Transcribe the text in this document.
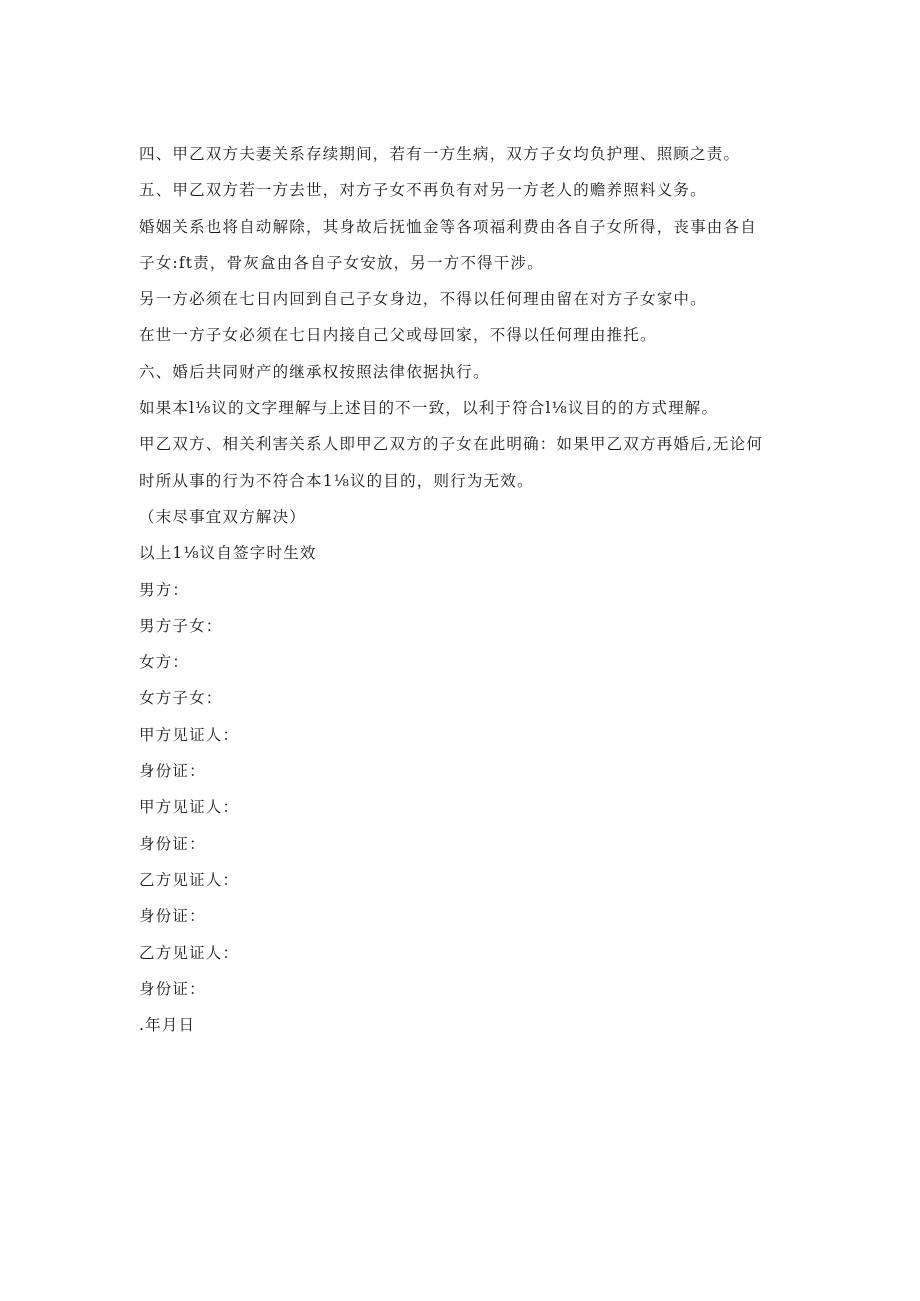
四、甲乙双方夫妻关系存续期间，若有一方生病，双方子女均负护理、照顾之责。
五、甲乙双方若一方去世，对方子女不再负有对另一方老人的赡养照料义务。
婚姻关系也将自动解除，其身故后抚恤金等各项福利费由各自子女所得，丧事由各自
子女:ft责，骨灰盒由各自子女安放，另一方不得干涉。
另一方必须在七日内回到自己子女身边，不得以任何理由留在对方子女家中。
在世一方子女必须在七日内接自己父或母回家，不得以任何理由推托。
六、婚后共同财产的继承权按照法律依据执行。
如果本l⅛议的文字理解与上述目的不一致，以利于符合l⅛议目的的方式理解。
甲乙双方、相关利害关系人即甲乙双方的子女在此明确：如果甲乙双方再婚后,无论何
时所从事的行为不符合本1⅛议的目的，则行为无效。
（末尽事宜双方解决）
以上1⅛议自签字时生效
男方：
男方子女：
女方：
女方子女：
甲方见证人：
身份证：
甲方见证人：
身份证：
乙方见证人：
身份证：
乙方见证人：
身份证：
.年月日
